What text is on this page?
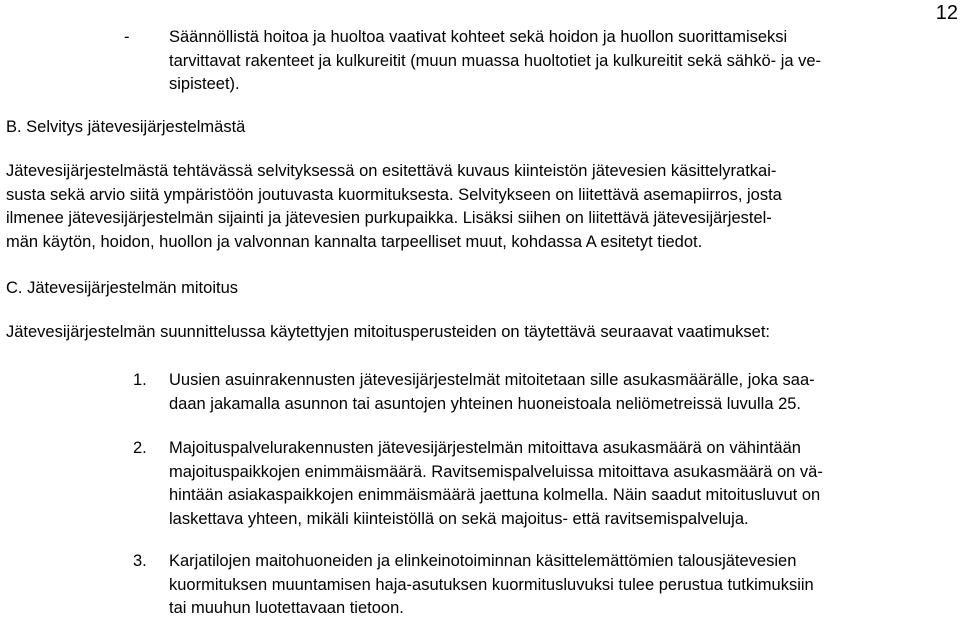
12
- Säännöllistä hoitoa ja huoltoa vaativat kohteet sekä hoidon ja huollon suorittamiseksi
tarvittavat rakenteet ja kulkureitit (muun muassa huoltotiet ja kulkureitit sekä sähkö- ja ve-
sipisteet).
B. Selvitys jätevesijärjestelmästä
Jätevesijärjestelmästä tehtävässä selvityksessä on esitettävä kuvaus kiinteistön jätevesien käsittelyratkai-
susta sekä arvio siitä ympäristöön joutuvasta kuormituksesta. Selvitykseen on liitettävä asemapiirros, josta
ilmenee jätevesijärjestelmän sijainti ja jätevesien purkupaikka. Lisäksi siihen on liitettävä jätevesijärjestel-
män käytön, hoidon, huollon ja valvonnan kannalta tarpeelliset muut, kohdassa A esitetyt tiedot.
C. Jätevesijärjestelmän mitoitus
Jätevesijärjestelmän suunnittelussa käytettyjen mitoitusperusteiden on täytettävä seuraavat vaatimukset:
1. Uusien asuinrakennusten jätevesijärjestelmät mitoitetaan sille asukasmäärälle, joka saa-
daan jakamalla asunnon tai asuntojen yhteinen huoneistoala neliömetreissä luvulla 25.
2. Majoituspalvelurakennusten jätevesijärjestelmän mitoittava asukasmäärä on vähintään
majoituspaikkojen enimmäismäärä. Ravitsemispalveluissa mitoittava asukasmäärä on vä-
hintään asiakaspaikkojen enimmäismäärä jaettuna kolmella. Näin saadut mitoitusluvut on
laskettava yhteen, mikäli kiinteistöllä on sekä majoitus- että ravitsemispalveluja.
3. Karjatilojen maitohuoneiden ja elinkeinotoiminnan käsittelemättömien talousjätevesien
kuormituksen muuntamisen haja-asutuksen kuormitusluvuksi tulee perustua tutkimuksiin
tai muuhun luotettavaan tietoon.
